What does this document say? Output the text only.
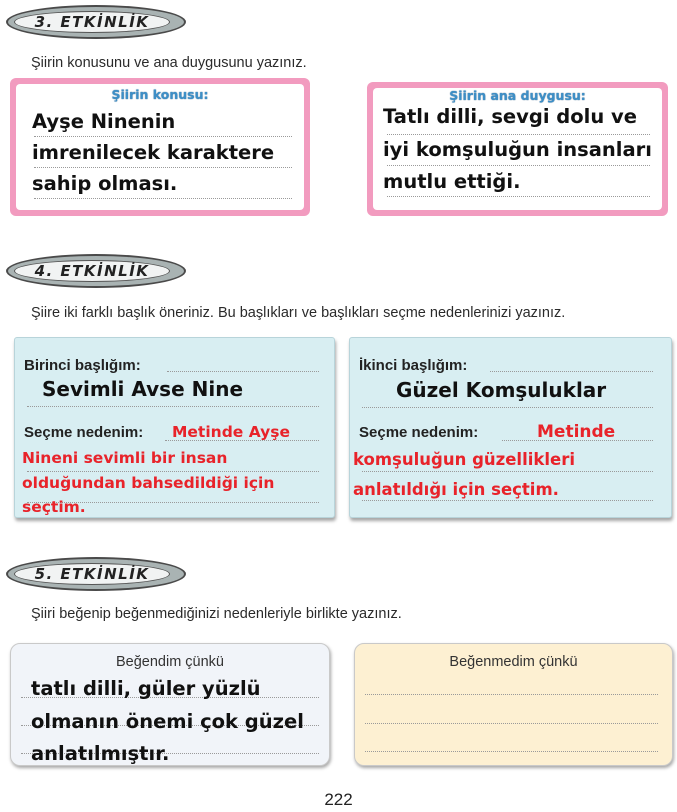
3. ETKİNLİK
Şiirin konusunu ve ana duygusunu yazınız.
Şiirin konusu:
Ayşe Ninenin
imrenilecek karaktere
sahip olması.
Şiirin ana duygusu:
Tatlı dilli, sevgi dolu ve
iyi komşuluğun insanları
mutlu ettiği.
4. ETKİNLİK
Şiire iki farklı başlık öneriniz. Bu başlıkları ve başlıkları seçme nedenlerinizi yazınız.
Birinci başlığım:
Sevimli Avse Nine
Seçme nedenim: Metinde Ayşe
Nineni sevimli bir insan
olduğundan bahsedildiği için
seçtim.
İkinci başlığım:
Güzel Komşuluklar
Seçme nedenim:	Metinde
komşuluğun güzellikleri
anlatıldığı için seçtim.
5. ETKİNLİK
Şiiri beğenip beğenmediğinizi nedenleriyle birlikte yazınız.
Beğendim çünkü
tatlı dilli, güler yüzlü
olmanın önemi çok güzel
anlatılmıştır.
Beğenmedim çünkü
222
